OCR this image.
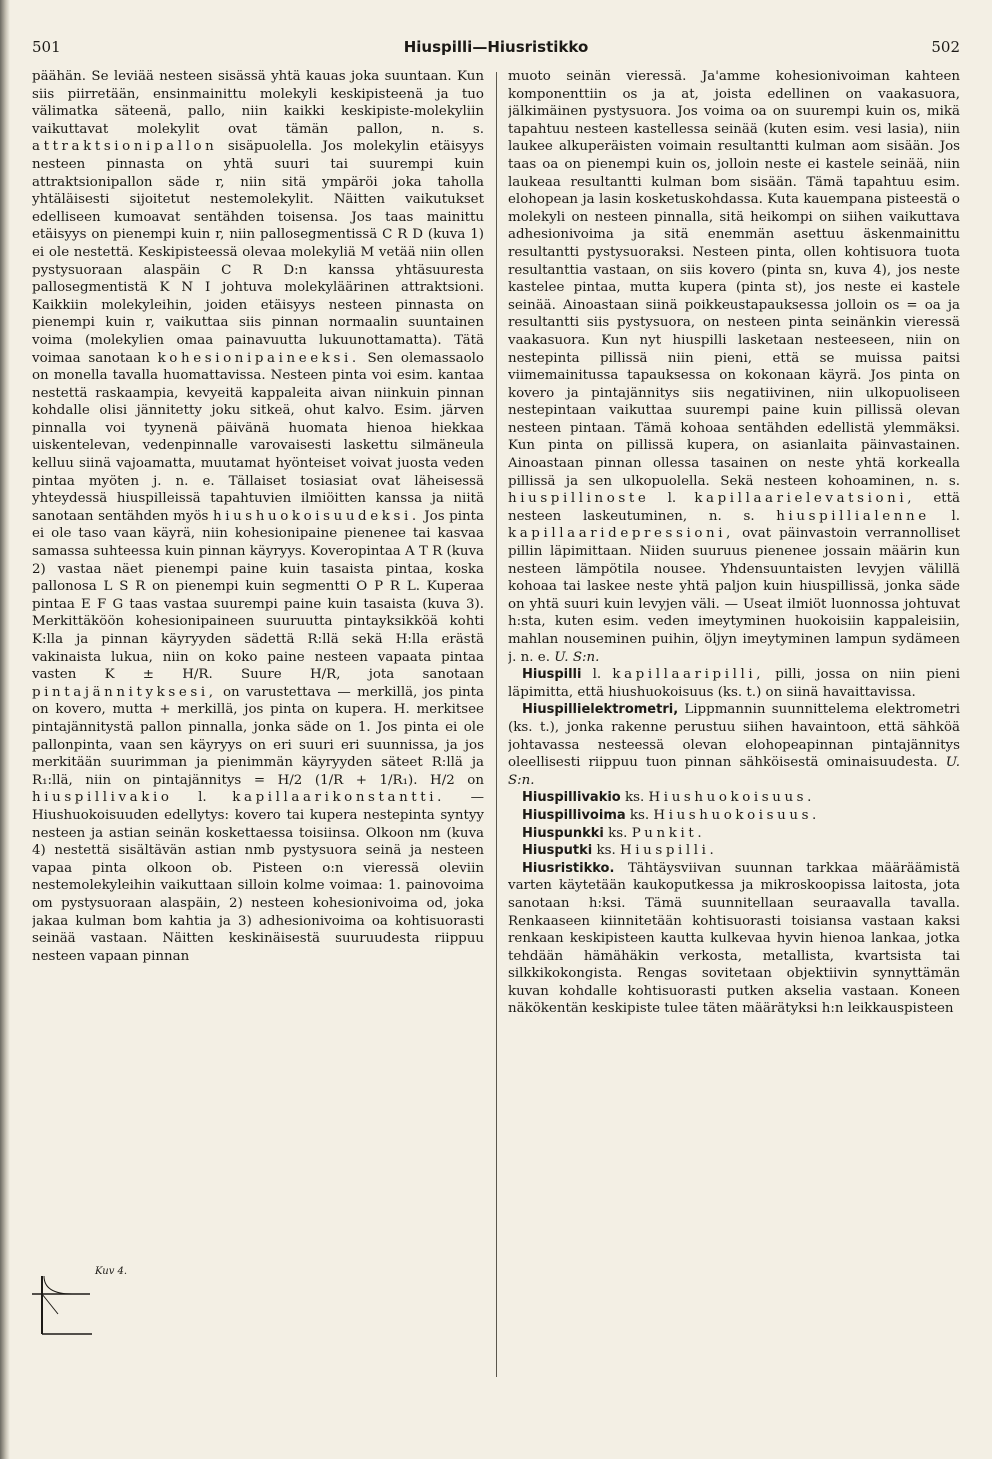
501	Hiuspilli—Hiusristikko	502

päähän. Se leviää nesteen sisässä yhtä kauas joka suuntaan. Kun siis piirretään, ensinmainittu molekyli keskipisteenä ja tuo välimatka säteenä, pallo, niin kaikki keskipiste-molekyliin vaikuttavat molekylit ovat tämän pallon, n. s. attraktsionipallon sisäpuolella. Jos molekylin etäisyys nesteen pinnasta on yhtä suuri tai suurempi kuin attraktsionipallon säde r, niin sitä ympäröi joka taholla yhtäläisesti sijoitetut nestemolekylit. Näitten vaikutukset edelliseen kumoavat sentähden toisensa. Jos taas mainittu etäisyys on pienempi kuin r, niin pallosegmentissä C R D (kuva 1) ei ole nestettä. Keskipisteessä olevaa molekyliä M vetää niin ollen pystysuoraan alaspäin C R D:n kanssa yhtäsuuresta pallosegmentistä K N I johtuva molekyläärinen attraktsioni. Kaikkiin molekyleihin, joiden etäisyys nesteen pinnasta on pienempi kuin r, vaikuttaa siis pinnan normaalin suuntainen voima (molekylien omaa painavuutta lukuunottamatta). Tätä voimaa sanotaan kohesionipaineeksi. Sen olemassaolo on monella tavalla huomattavissa. Nesteen pinta voi esim. kantaa nestettä raskaampia, kevyeitä kappaleita aivan niinkuin pinnan kohdalle olisi jännitetty joku sitkeä, ohut kalvo. Esim. järven pinnalla voi tyynenä päivänä huomata hienoa hiekkaa uiskentelevan, vedenpinnalle varovaisesti laskettu silmäneula kelluu siinä vajoamatta, muutamat hyönteiset voivat juosta veden pintaa myöten j. n. e. Tällaiset tosiasiat ovat läheisessä yhteydessä hiuspilleissä tapahtuvien ilmiöitten kanssa ja niitä sanotaan sentähden myös hiushuokoisuudeksi. Jos pinta ei ole taso vaan käyrä, niin kohesionipaine pienenee tai kasvaa samassa suhteessa kuin pinnan käyryys. Koveropintaa A T R (kuva 2) vastaa näet pienempi paine kuin tasaista pintaa, koska pallonosa L S R on pienempi kuin segmentti O P R L. Kuperaa pintaa E F G taas vastaa suurempi paine kuin tasaista (kuva 3). Merkittäköön kohesionipaineen suuruutta pintayksikköä kohti K:lla ja pinnan käyryyden sädettä R:llä sekä H:lla erästä vakinaista lukua, niin on koko paine nesteen vapaata pintaa vasten K ± H/R. Suure H/R, jota sanotaan pintajännityksesi, on varustettava — merkillä, jos pinta on kovero, mutta + merkillä, jos pinta on kupera. H. merkitsee pintajännitystä pallon pinnalla, jonka säde on 1. Jos pinta ei ole pallonpinta, vaan sen käyryys on eri suuri eri suunnissa, ja jos merkitään suurimman ja pienimmän käyryyden säteet R:llä ja R₁:llä, niin on pintajännitys = H/2 (1/R + 1/R₁). H/2 on hiuspillivakio l. kapillaarikonstantti. — Hiushuokoisuuden edellytys: kovero tai kupera nestepinta syntyy nesteen ja astian seinän koskettaessa toisiinsa. Olkoon nm (kuva 4) nestettä sisältävän astian nmb pystysuora seinä ja nesteen vapaa pinta olkoon ob. Pisteen o:n vieressä oleviin nestemolekyleihin vaikuttaan silloin kolme voimaa: 1. painovoima om pystysuoraan alaspäin, 2) nesteen kohesionivoima od, joka jakaa kulman bom kahtia ja 3) adhesionivoima oa kohtisuorasti seinää vastaan. Näitten keskinäisestä suuruudesta riippuu nesteen vapaan pinnan

muoto seinän vieressä. Ja'amme kohesionivoiman kahteen komponenttiin os ja at, joista edellinen on vaakasuora, jälkimäinen pystysuora. Jos voima oa on suurempi kuin os, mikä tapahtuu nesteen kastellessa seinää (kuten esim. vesi lasia), niin laukee alkuperäisten voimain resultantti kulman aom sisään. Jos taas oa on pienempi kuin os, jolloin neste ei kastele seinää, niin laukeaa resultantti kulman bom sisään. Tämä tapahtuu esim. elohopean ja lasin kosketuskohdassa. Kuta kauempana pisteestä o molekyli on nesteen pinnalla, sitä heikompi on siihen vaikuttava adhesionivoima ja sitä enemmän asettuu äskenmainittu resultantti pystysuoraksi. Nesteen pinta, ollen kohtisuora tuota resultanttia vastaan, on siis kovero (pinta sn, kuva 4), jos neste kastelee pintaa, mutta kupera (pinta st), jos neste ei kastele seinää. Ainoastaan siinä poikkeustapauksessa jolloin os = oa ja resultantti siis pystysuora, on nesteen pinta seinänkin vieressä vaakasuora. Kun nyt hiuspilli lasketaan nesteeseen, niin on nestepinta pillissä niin pieni, että se muissa paitsi viimemainitussa tapauksessa on kokonaan käyrä. Jos pinta on kovero ja pintajännitys siis negatiivinen, niin ulkopuoliseen nestepintaan vaikuttaa suurempi paine kuin pillissä olevan nesteen pintaan. Tämä kohoaa sentähden edellistä ylemmäksi. Kun pinta on pillissä kupera, on asianlaita päinvastainen. Ainoastaan pinnan ollessa tasainen on neste yhtä korkealla pillissä ja sen ulkopuolella. Sekä nesteen kohoaminen, n. s. hiuspillinoste l. kapillaarielevatsioni, että nesteen laskeutuminen, n. s. hiuspillialenne l. kapillaaridepressioni, ovat päinvastoin verrannolliset pillin läpimittaan. Niiden suuruus pienenee jossain määrin kun nesteen lämpötila nousee. Yhdensuuntaisten levyjen välillä kohoaa tai laskee neste yhtä paljon kuin hiuspillissä, jonka säde on yhtä suuri kuin levyjen väli. — Useat ilmiöt luonnossa johtuvat h:sta, kuten esim. veden imeytyminen huokoisiin kappaleisiin, mahlan nouseminen puihin, öljyn imeytyminen lampun sydämeen j. n. e. U. S:n.

Hiuspilli l. kapillaaripilli, pilli, jossa on niin pieni läpimitta, että hiushuokoisuus (ks. t.) on siinä havaittavissa.

Hiuspillielektrometri, Lippmannin suunnittelema elektrometri (ks. t.), jonka rakenne perustuu siihen havaintoon, että sähköä johtavassa nesteessä olevan elohopeapinnan pintajännitys oleellisesti riippuu tuon pinnan sähköisestä ominaisuudesta. U. S:n.

Hiuspillivakio ks. Hiushuokoisuus.

Hiuspillivoima ks. Hiushuokoisuus.

Hiuspunkki ks. Punkit.

Hiusputki ks. Hiuspilli.

Hiusristikko. Tähtäysviivan suunnan tarkkaa määräämistä varten käytetään kaukoputkessa ja mikroskoopissa laitosta, jota sanotaan h:ksi. Tämä suunnitellaan seuraavalla tavalla. Renkaaseen kiinnitetään kohtisuorasti toisiansa vastaan kaksi renkaan keskipisteen kautta kulkevaa hyvin hienoa lankaa, jotka tehdään hämähäkin verkosta, metallista, kvartsista tai silkkikokongista. Rengas sovitetaan objektiivin synnyttämän kuvan kohdalle kohtisuorasti putken akselia vastaan. Koneen näkökentän keskipiste tulee täten määrätyksi h:n leikkauspisteen

Kuv 4.
